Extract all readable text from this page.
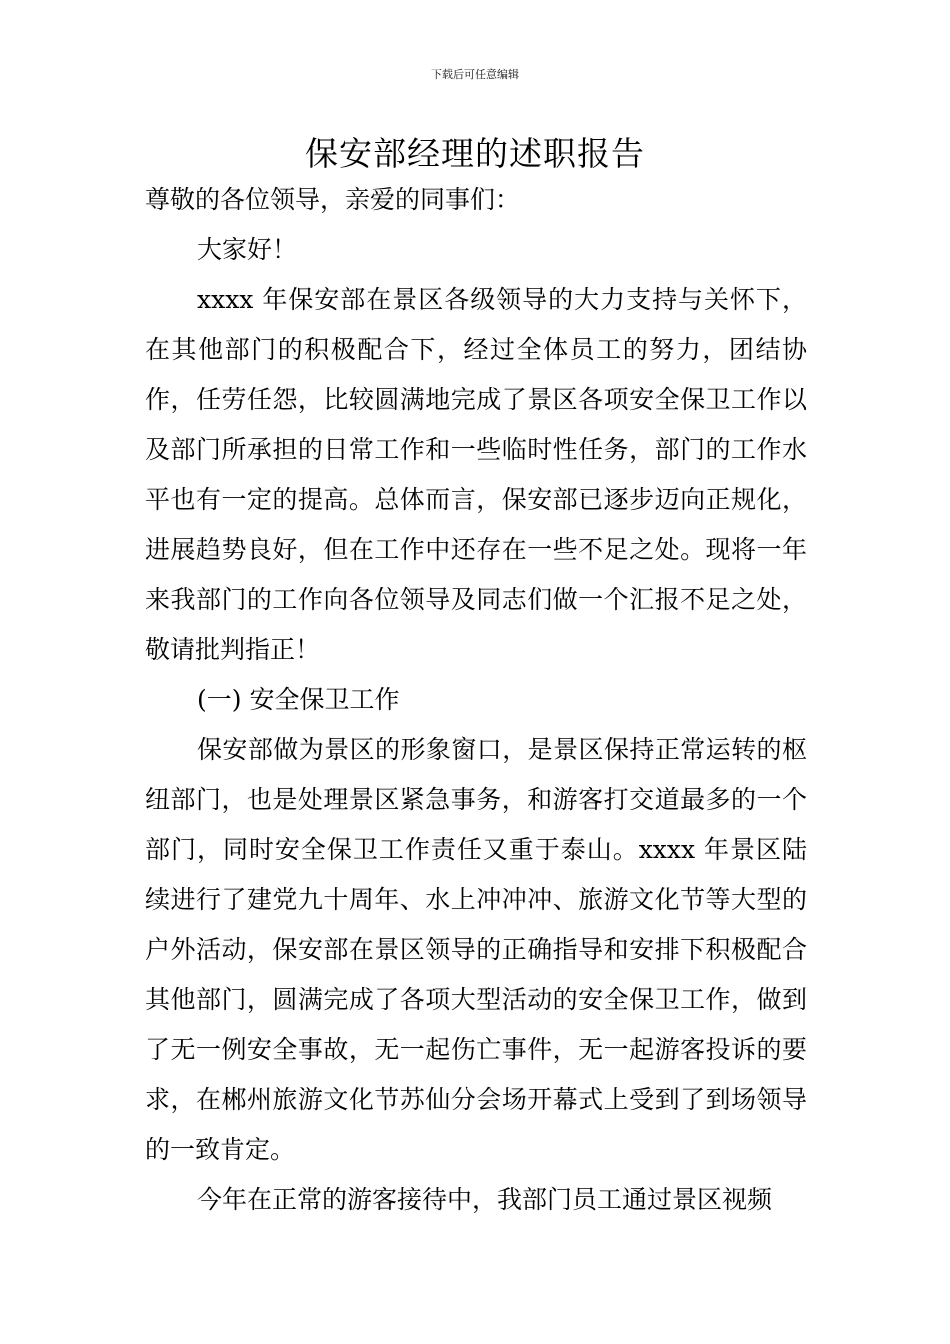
下载后可任意编辑
保安部经理的述职报告

尊敬的各位领导，亲爱的同事们：

大家好！

xxxx 年保安部在景区各级领导的大力支持与关怀下，在其他部门的积极配合下，经过全体员工的努力，团结协作，任劳任怨，比较圆满地完成了景区各项安全保卫工作以及部门所承担的日常工作和一些临时性任务，部门的工作水平也有一定的提高。总体而言，保安部已逐步迈向正规化，进展趋势良好，但在工作中还存在一些不足之处。现将一年来我部门的工作向各位领导及同志们做一个汇报不足之处，敬请批判指正！

(一) 安全保卫工作

保安部做为景区的形象窗口，是景区保持正常运转的枢纽部门，也是处理景区紧急事务，和游客打交道最多的一个部门，同时安全保卫工作责任又重于泰山。xxxx 年景区陆续进行了建党九十周年、水上冲冲冲、旅游文化节等大型的户外活动，保安部在景区领导的正确指导和安排下积极配合其他部门，圆满完成了各项大型活动的安全保卫工作，做到了无一例安全事故，无一起伤亡事件，无一起游客投诉的要求，在郴州旅游文化节苏仙分会场开幕式上受到了到场领导的一致肯定。

今年在正常的游客接待中，我部门员工通过景区视频
